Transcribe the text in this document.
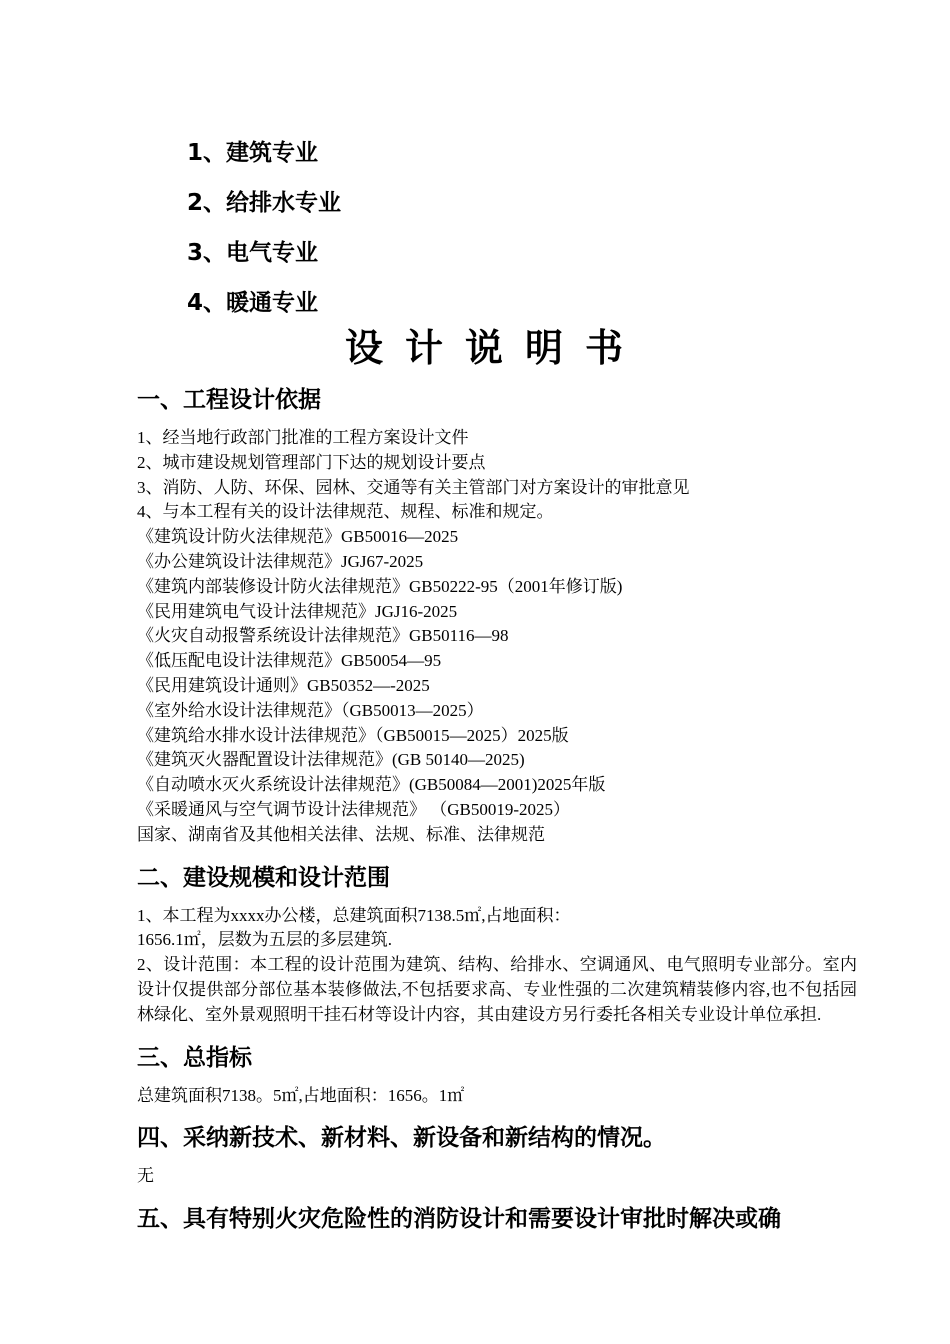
1、建筑专业
2、给排水专业
3、电气专业
4、暖通专业
设计说明书
一、工程设计依据
1、经当地行政部门批准的工程方案设计文件
2、城市建设规划管理部门下达的规划设计要点
3、消防、人防、环保、园林、交通等有关主管部门对方案设计的审批意见
4、与本工程有关的设计法律规范、规程、标准和规定。
《建筑设计防火法律规范》GB50016—2025
《办公建筑设计法律规范》JGJ67-2025
《建筑内部装修设计防火法律规范》GB50222-95（2001年修订版)
《民用建筑电气设计法律规范》JGJ16-2025
《火灾自动报警系统设计法律规范》GB50116—98
《低压配电设计法律规范》GB50054—95
《民用建筑设计通则》GB50352—-2025
《室外给水设计法律规范》（GB50013—2025）
《建筑给水排水设计法律规范》（GB50015—2025）2025版
《建筑灭火器配置设计法律规范》(GB 50140—2025)
《自动喷水灭火系统设计法律规范》(GB50084—2001)2025年版
《采暖通风与空气调节设计法律规范》 （GB50019-2025）
国家、湖南省及其他相关法律、法规、标准、法律规范
二、建设规模和设计范围
1、本工程为xxxx办公楼，总建筑面积7138.5㎡,占地面积：
1656.1㎡，层数为五层的多层建筑.
2、设计范围：本工程的设计范围为建筑、结构、给排水、空调通风、电气照明专业部分。室内设计仅提供部分部位基本装修做法,不包括要求高、专业性强的二次建筑精装修内容,也不包括园林绿化、室外景观照明干挂石材等设计内容，其由建设方另行委托各相关专业设计单位承担.
三、总指标
总建筑面积7138。5㎡,占地面积：1656。1㎡
四、采纳新技术、新材料、新设备和新结构的情况。
无
五、具有特别火灾危险性的消防设计和需要设计审批时解决或确
